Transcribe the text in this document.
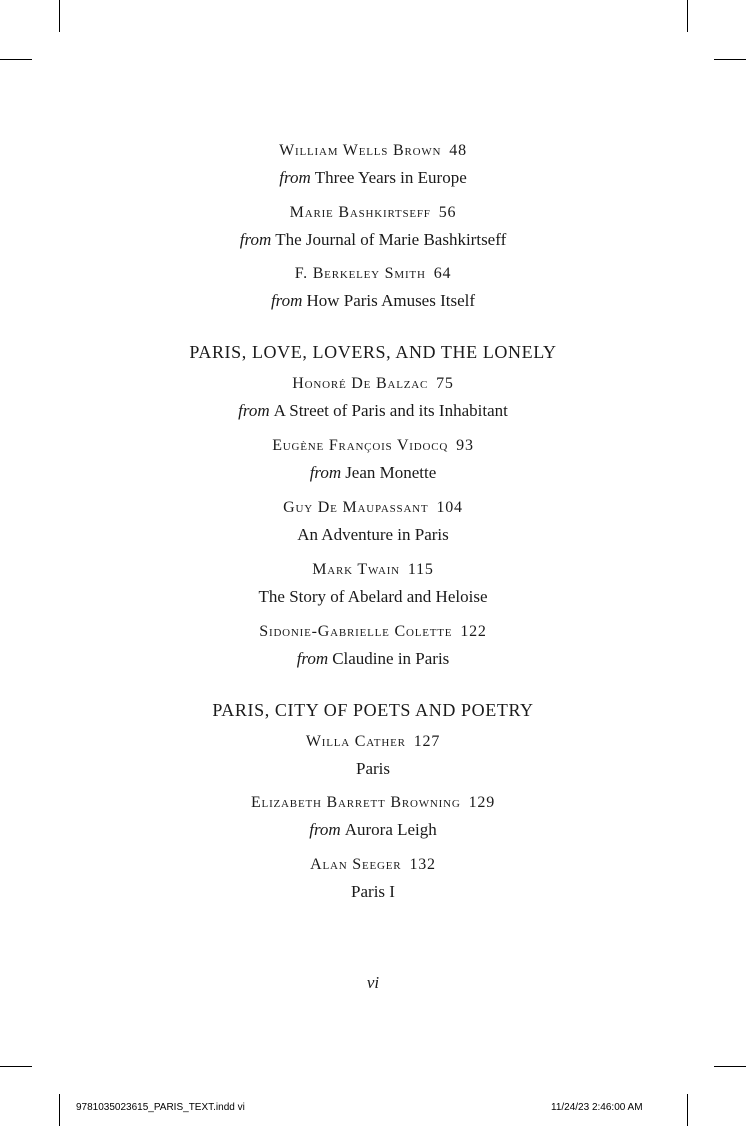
William Wells Brown 48
from Three Years in Europe
Marie Bashkirtseff 56
from The Journal of Marie Bashkirtseff
F. Berkeley Smith 64
from How Paris Amuses Itself
PARIS, LOVE, LOVERS, AND THE LONELY
Honoré De Balzac 75
from A Street of Paris and its Inhabitant
Eugène François Vidocq 93
from Jean Monette
Guy De Maupassant 104
An Adventure in Paris
Mark Twain 115
The Story of Abelard and Heloise
Sidonie-Gabrielle Colette 122
from Claudine in Paris
PARIS, CITY OF POETS AND POETRY
Willa Cather 127
Paris
Elizabeth Barrett Browning 129
from Aurora Leigh
Alan Seeger 132
Paris I
vi
9781035023615_PARIS_TEXT.indd vi	11/24/23 2:46:00 AM
